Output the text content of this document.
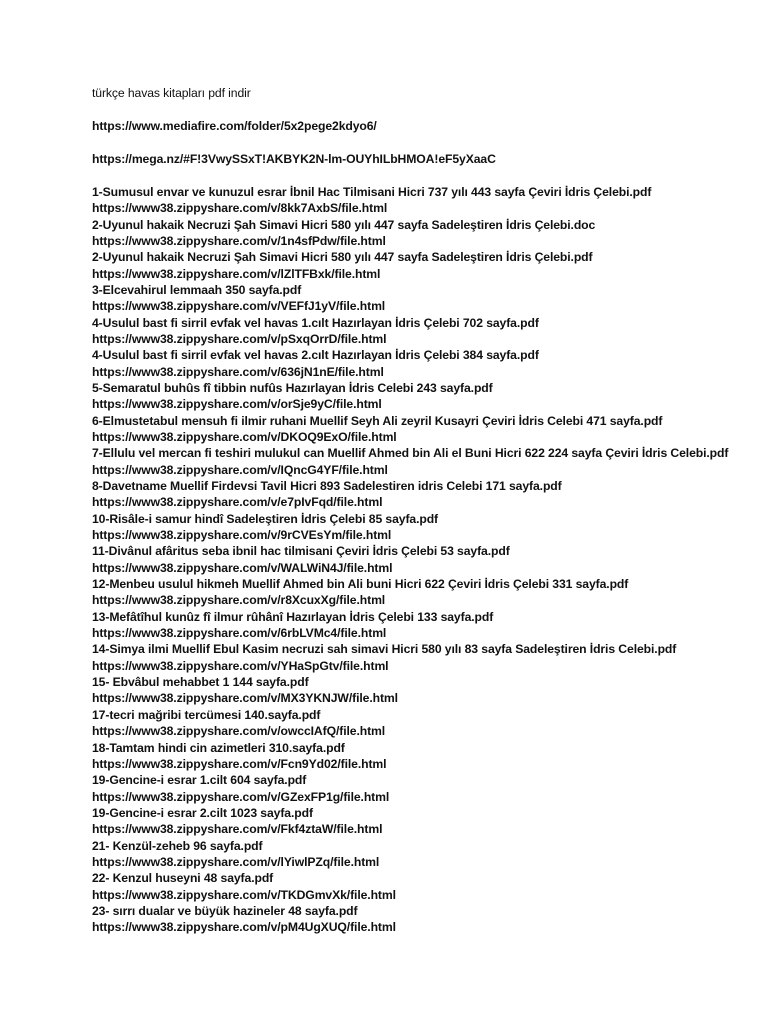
türkçe havas kitapları pdf indir
https://www.mediafire.com/folder/5x2pege2kdyo6/
https://mega.nz/#F!3VwySSxT!AKBYK2N-lm-OUYhILbHMOA!eF5yXaaC
1-Sumusul envar ve kunuzul esrar İbnil Hac Tilmisani Hicri 737 yılı 443 sayfa Çeviri İdris Çelebi.pdf
https://www38.zippyshare.com/v/8kk7AxbS/file.html
2-Uyunul hakaik Necruzi Şah Simavi Hicri 580 yılı 447 sayfa Sadeleştiren İdris Çelebi.doc
https://www38.zippyshare.com/v/1n4sfPdw/file.html
2-Uyunul hakaik Necruzi Şah Simavi Hicri 580 yılı 447 sayfa Sadeleştiren İdris Çelebi.pdf
https://www38.zippyshare.com/v/lZlTFBxk/file.html
3-Elcevahirul lemmaah 350 sayfa.pdf
https://www38.zippyshare.com/v/VEFfJ1yV/file.html
4-Usulul bast fi sirril evfak vel havas 1.cılt Hazırlayan İdris Çelebi 702 sayfa.pdf
https://www38.zippyshare.com/v/pSxqOrrD/file.html
4-Usulul bast fi sirril evfak vel havas 2.cılt Hazırlayan İdris Çelebi 384 sayfa.pdf
https://www38.zippyshare.com/v/636jN1nE/file.html
5-Semaratul buhûs fî tibbin nufûs Hazırlayan İdris Celebi 243 sayfa.pdf
https://www38.zippyshare.com/v/orSje9yC/file.html
6-Elmustetabul mensuh fi ilmir ruhani Muellif Seyh Ali zeyril Kusayri Çeviri İdris Celebi 471 sayfa.pdf
https://www38.zippyshare.com/v/DKOQ9ExO/file.html
7-Ellulu vel mercan fi teshiri mulukul can Muellif Ahmed bin Ali el Buni Hicri 622 224 sayfa Çeviri İdris Celebi.pdf
https://www38.zippyshare.com/v/IQncG4YF/file.html
8-Davetname Muellif Firdevsi Tavil Hicri 893 Sadelestiren idris Celebi 171 sayfa.pdf
https://www38.zippyshare.com/v/e7pIvFqd/file.html
10-Risâle-i samur hindî Sadeleştiren İdris Çelebi 85 sayfa.pdf
https://www38.zippyshare.com/v/9rCVEsYm/file.html
11-Divânul afâritus seba ibnil hac tilmisani Çeviri İdris Çelebi 53 sayfa.pdf
https://www38.zippyshare.com/v/WALWiN4J/file.html
12-Menbeu usulul hikmeh Muellif Ahmed bin Ali buni Hicri 622 Çeviri İdris Çelebi 331 sayfa.pdf
https://www38.zippyshare.com/v/r8XcuxXg/file.html
13-Mefâtîhul kunûz fî ilmur rûhânî Hazırlayan İdris Çelebi 133 sayfa.pdf
https://www38.zippyshare.com/v/6rbLVMc4/file.html
14-Simya ilmi Muellif Ebul Kasim necruzi sah simavi Hicri 580 yılı 83 sayfa Sadeleştiren İdris Celebi.pdf
https://www38.zippyshare.com/v/YHaSpGtv/file.html
15- Ebvâbul mehabbet 1 144 sayfa.pdf
https://www38.zippyshare.com/v/MX3YKNJW/file.html
17-tecri mağribi tercümesi 140.sayfa.pdf
https://www38.zippyshare.com/v/owccIAfQ/file.html
18-Tamtam hindi cin azimetleri 310.sayfa.pdf
https://www38.zippyshare.com/v/Fcn9Yd02/file.html
19-Gencine-i esrar 1.cilt 604 sayfa.pdf
https://www38.zippyshare.com/v/GZexFP1g/file.html
19-Gencine-i esrar 2.cilt 1023 sayfa.pdf
https://www38.zippyshare.com/v/Fkf4ztaW/file.html
21- Kenzül-zeheb 96 sayfa.pdf
https://www38.zippyshare.com/v/lYiwlPZq/file.html
22- Kenzul huseyni 48 sayfa.pdf
https://www38.zippyshare.com/v/TKDGmvXk/file.html
23- sırrı dualar ve büyük hazineler 48 sayfa.pdf
https://www38.zippyshare.com/v/pM4UgXUQ/file.html
